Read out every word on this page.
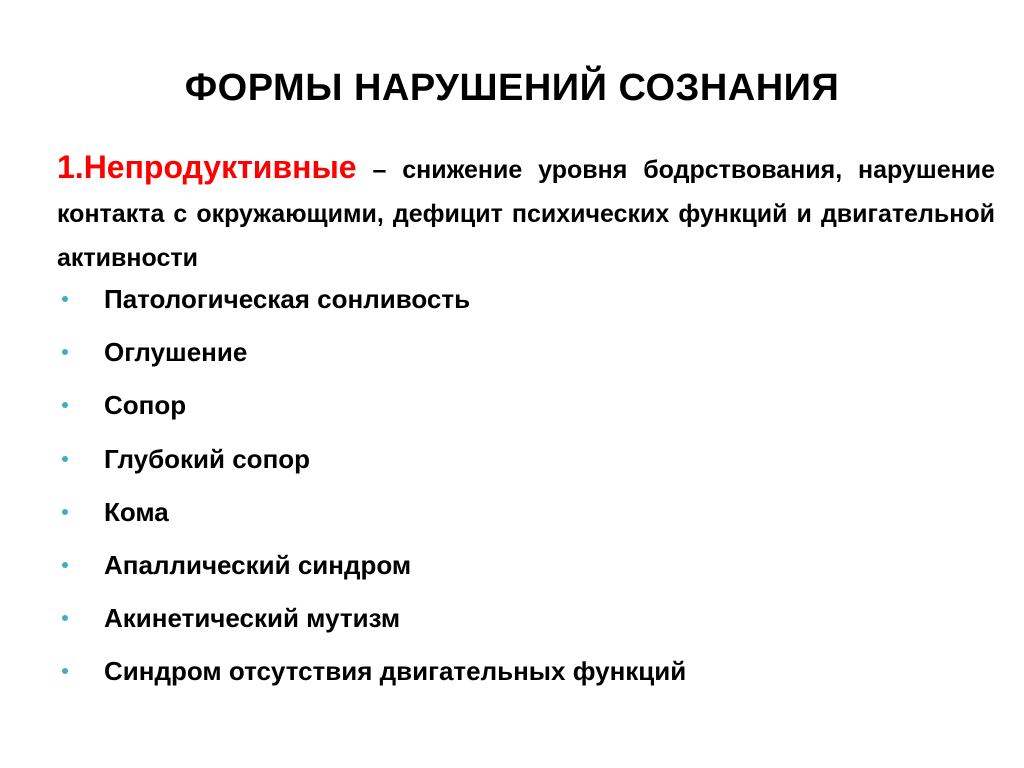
ФОРМЫ НАРУШЕНИЙ СОЗНАНИЯ
1.Непродуктивные – снижение уровня бодрствования, нарушение контакта с окружающими, дефицит психических функций и двигательной активности
Патологическая сонливость
Оглушение
Сопор
Глубокий сопор
Кома
Апаллический синдром
Акинетический мутизм
Синдром отсутствия двигательных функций
